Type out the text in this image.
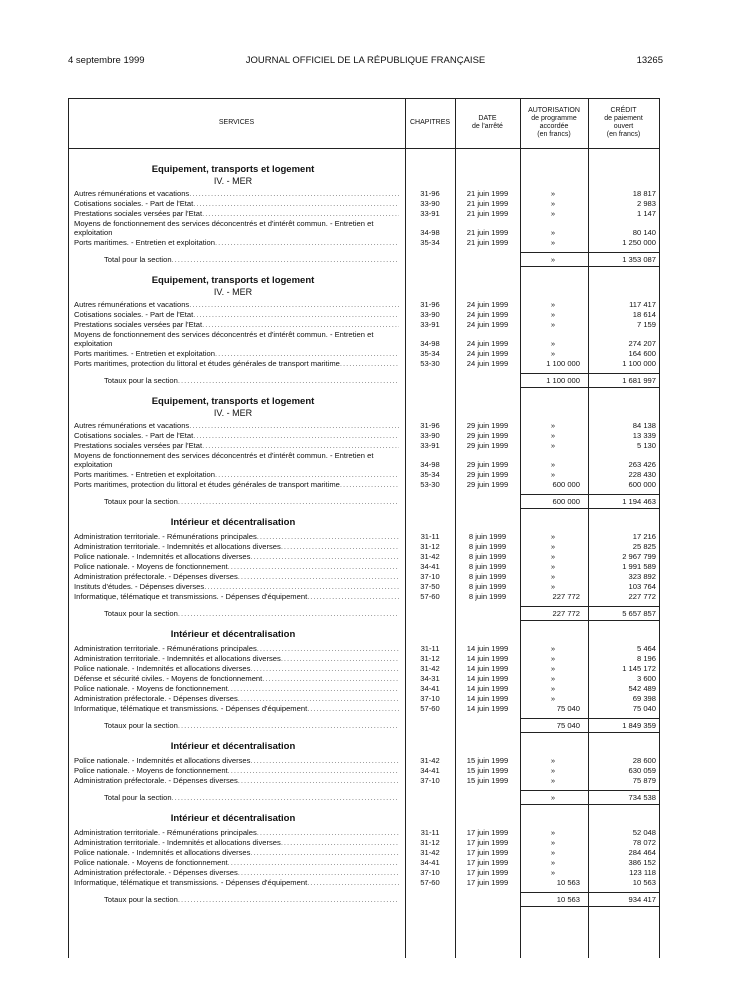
4 septembre 1999	JOURNAL OFFICIEL DE LA RÉPUBLIQUE FRANÇAISE	13265
SERVICES	CHAPITRES
DATE
de l'arrêté
AUTORISATION
de programme
accordée
(en francs)
CRÉDIT
de paiement
ouvert
(en francs)
Equipement, transports et logement
IV. - MER
Autres rémunérations et vacations .....	31-96	21 juin 1999	»	18 817
Cotisations sociales. - Part de l'Etat .....	33-90	21 juin 1999	»	2 983
Prestations sociales versées par l'Etat .....	33-91	21 juin 1999	»	1 147
Moyens de fonctionnement des services déconcentrés et d'intérêt commun. - Entretien et exploitation	34-98	21 juin 1999	»	80 140
Ports maritimes. - Entretien et exploitation .....	35-34	21 juin 1999	»	1 250 000
Total pour la section .....	»	1 353 087
Equipement, transports et logement
IV. - MER
Autres rémunérations et vacations .....	31-96	24 juin 1999	»	117 417
Cotisations sociales. - Part de l'Etat .....	33-90	24 juin 1999	»	18 614
Prestations sociales versées par l'Etat .....	33-91	24 juin 1999	»	7 159
Moyens de fonctionnement des services déconcentrés et d'intérêt commun. - Entretien et exploitation	34-98	24 juin 1999	»	274 207
Ports maritimes. - Entretien et exploitation .....	35-34	24 juin 1999	»	164 600
Ports maritimes, protection du littoral et études générales de transport maritime .....	53-30	24 juin 1999	1 100 000	1 100 000
Totaux pour la section .....	1 100 000	1 681 997
Equipement, transports et logement
IV. - MER
Autres rémunérations et vacations .....	31-96	29 juin 1999	»	84 138
Cotisations sociales. - Part de l'Etat .....	33-90	29 juin 1999	»	13 339
Prestations sociales versées par l'Etat .....	33-91	29 juin 1999	»	5 130
Moyens de fonctionnement des services déconcentrés et d'intérêt commun. - Entretien et exploitation	34-98	29 juin 1999	»	263 426
Ports maritimes. - Entretien et exploitation .....	35-34	29 juin 1999	»	228 430
Ports maritimes, protection du littoral et études générales de transport maritime .....	53-30	29 juin 1999	600 000	600 000
Totaux pour la section .....	600 000	1 194 463
Intérieur et décentralisation
Administration territoriale. - Rémunérations principales .....	31-11	8 juin 1999	»	17 216
Administration territoriale. - Indemnités et allocations diverses .....	31-12	8 juin 1999	»	25 825
Police nationale. - Indemnités et allocations diverses .....	31-42	8 juin 1999	»	2 967 799
Police nationale. - Moyens de fonctionnement .....	34-41	8 juin 1999	»	1 991 589
Administration préfectorale. - Dépenses diverses .....	37-10	8 juin 1999	»	323 892
Instituts d'études. - Dépenses diverses .....	37-50	8 juin 1999	»	103 764
Informatique, télématique et transmissions. - Dépenses d'équipement .....	57-60	8 juin 1999	227 772	227 772
Totaux pour la section .....	227 772	5 657 857
Intérieur et décentralisation
Administration territoriale. - Rémunérations principales .....	31-11	14 juin 1999	»	5 464
Administration territoriale. - Indemnités et allocations diverses .....	31-12	14 juin 1999	»	8 196
Police nationale. - Indemnités et allocations diverses .....	31-42	14 juin 1999	»	1 145 172
Défense et sécurité civiles. - Moyens de fonctionnement .....	34-31	14 juin 1999	»	3 600
Police nationale. - Moyens de fonctionnement .....	34-41	14 juin 1999	»	542 489
Administration préfectorale. - Dépenses diverses .....	37-10	14 juin 1999	»	69 398
Informatique, télématique et transmissions. - Dépenses d'équipement .....	57-60	14 juin 1999	75 040	75 040
Totaux pour la section .....	75 040	1 849 359
Intérieur et décentralisation
Police nationale. - Indemnités et allocations diverses .....	31-42	15 juin 1999	»	28 600
Police nationale. - Moyens de fonctionnement .....	34-41	15 juin 1999	»	630 059
Administration préfectorale. - Dépenses diverses .....	37-10	15 juin 1999	»	75 879
Total pour la section .....	»	734 538
Intérieur et décentralisation
Administration territoriale. - Rémunérations principales .....	31-11	17 juin 1999	»	52 048
Administration territoriale. - Indemnités et allocations diverses .....	31-12	17 juin 1999	»	78 072
Police nationale. - Indemnités et allocations diverses .....	31-42	17 juin 1999	»	284 464
Police nationale. - Moyens de fonctionnement .....	34-41	17 juin 1999	»	386 152
Administration préfectorale. - Dépenses diverses .....	37-10	17 juin 1999	»	123 118
Informatique, télématique et transmissions. - Dépenses d'équipement .....	57-60	17 juin 1999	10 563	10 563
Totaux pour la section .....	10 563	934 417
